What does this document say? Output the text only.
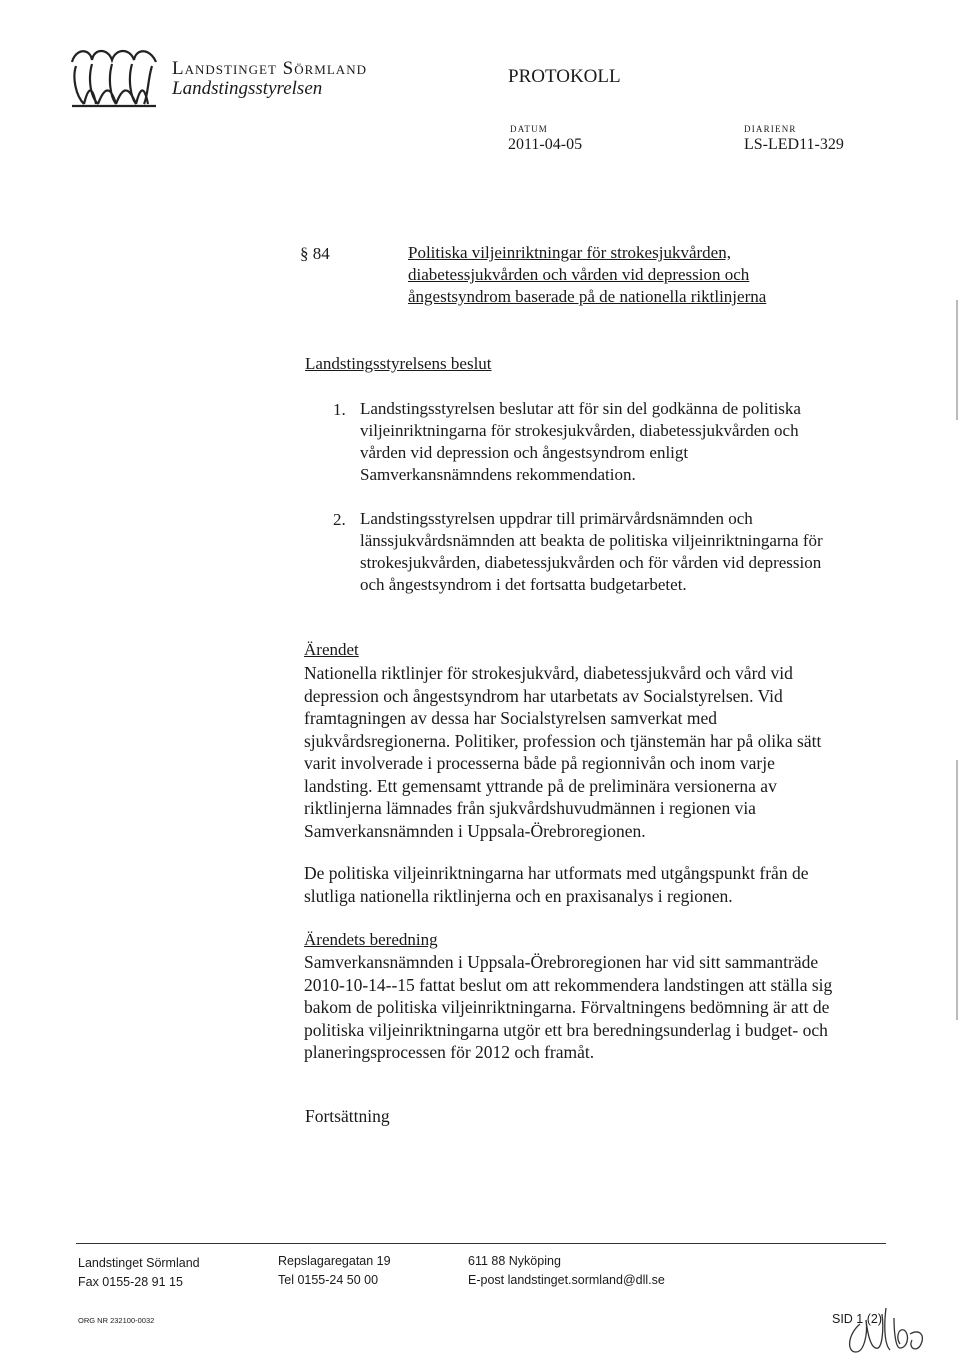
Landstinget Sörmland
Landstingsstyrelsen
PROTOKOLL
DATUM
2011-04-05
DIARIENR
LS-LED11-329
§ 84	Politiska viljeinriktningar för strokesjukvården,
diabetessjukvården och vården vid depression och
ångestsyndrom baserade på de nationella riktlinjerna
Landstingsstyrelsens beslut
1. Landstingsstyrelsen beslutar att för sin del godkänna de politiska
viljeinriktningarna för strokesjukvården, diabetessjukvården och
vården vid depression och ångestsyndrom enligt
Samverkansnämndens rekommendation.
2. Landstingsstyrelsen uppdrar till primärvårdsnämnden och
länssjukvårdsnämnden att beakta de politiska viljeinriktningarna för
strokesjukvården, diabetessjukvården och för vården vid depression
och ångestsyndrom i det fortsatta budgetarbetet.
Ärendet
Nationella riktlinjer för strokesjukvård, diabetessjukvård och vård vid
depression och ångestsyndrom har utarbetats av Socialstyrelsen. Vid
framtagningen av dessa har Socialstyrelsen samverkat med
sjukvårdsregionerna. Politiker, profession och tjänstemän har på olika sätt
varit involverade i processerna både på regionnivån och inom varje
landsting. Ett gemensamt yttrande på de preliminära versionerna av
riktlinjerna lämnades från sjukvårdshuvudmännen i regionen via
Samverkansnämnden i Uppsala-Örebroregionen.
De politiska viljeinriktningarna har utformats med utgångspunkt från de
slutliga nationella riktlinjerna och en praxisanalys i regionen.
Ärendets beredning
Samverkansnämnden i Uppsala-Örebroregionen har vid sitt sammanträde
2010-10-14--15 fattat beslut om att rekommendera landstingen att ställa sig
bakom de politiska viljeinriktningarna. Förvaltningens bedömning är att de
politiska viljeinriktningarna utgör ett bra beredningsunderlag i budget- och
planeringsprocessen för 2012 och framåt.
Fortsättning
Landstinget Sörmland
Fax 0155-28 91 15
Repslagaregatan 19
Tel 0155-24 50 00
611 88 Nyköping
E-post landstinget.sormland@dll.se
ORG NR 232100-0032	SID 1 (2)
